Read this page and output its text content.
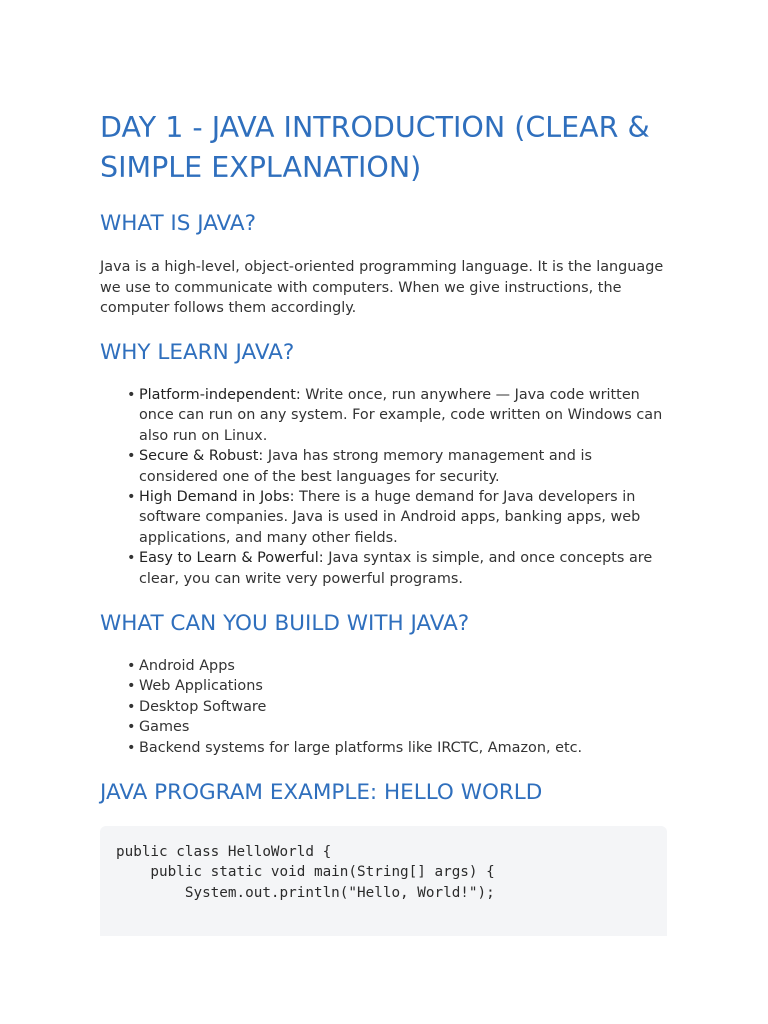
DAY 1 - JAVA INTRODUCTION (CLEAR & SIMPLE EXPLANATION)
WHAT IS JAVA?

Java is a high-level, object-oriented programming language. It is the language we use to communicate with computers. When we give instructions, the computer follows them accordingly.

WHY LEARN JAVA?
• Platform-independent: Write once, run anywhere — Java code written once can run on any system. For example, code written on Windows can also run on Linux.
• Secure & Robust: Java has strong memory management and is considered one of the best languages for security.
• High Demand in Jobs: There is a huge demand for Java developers in software companies. Java is used in Android apps, banking apps, web applications, and many other fields.
• Easy to Learn & Powerful: Java syntax is simple, and once concepts are clear, you can write very powerful programs.
WHAT CAN YOU BUILD WITH JAVA?
• Android Apps
• Web Applications
• Desktop Software
• Games
• Backend systems for large platforms like IRCTC, Amazon, etc.
JAVA PROGRAM EXAMPLE: HELLO WORLD
public class HelloWorld {
public static void main(String[] args) {
System.out.println("Hello, World!");
